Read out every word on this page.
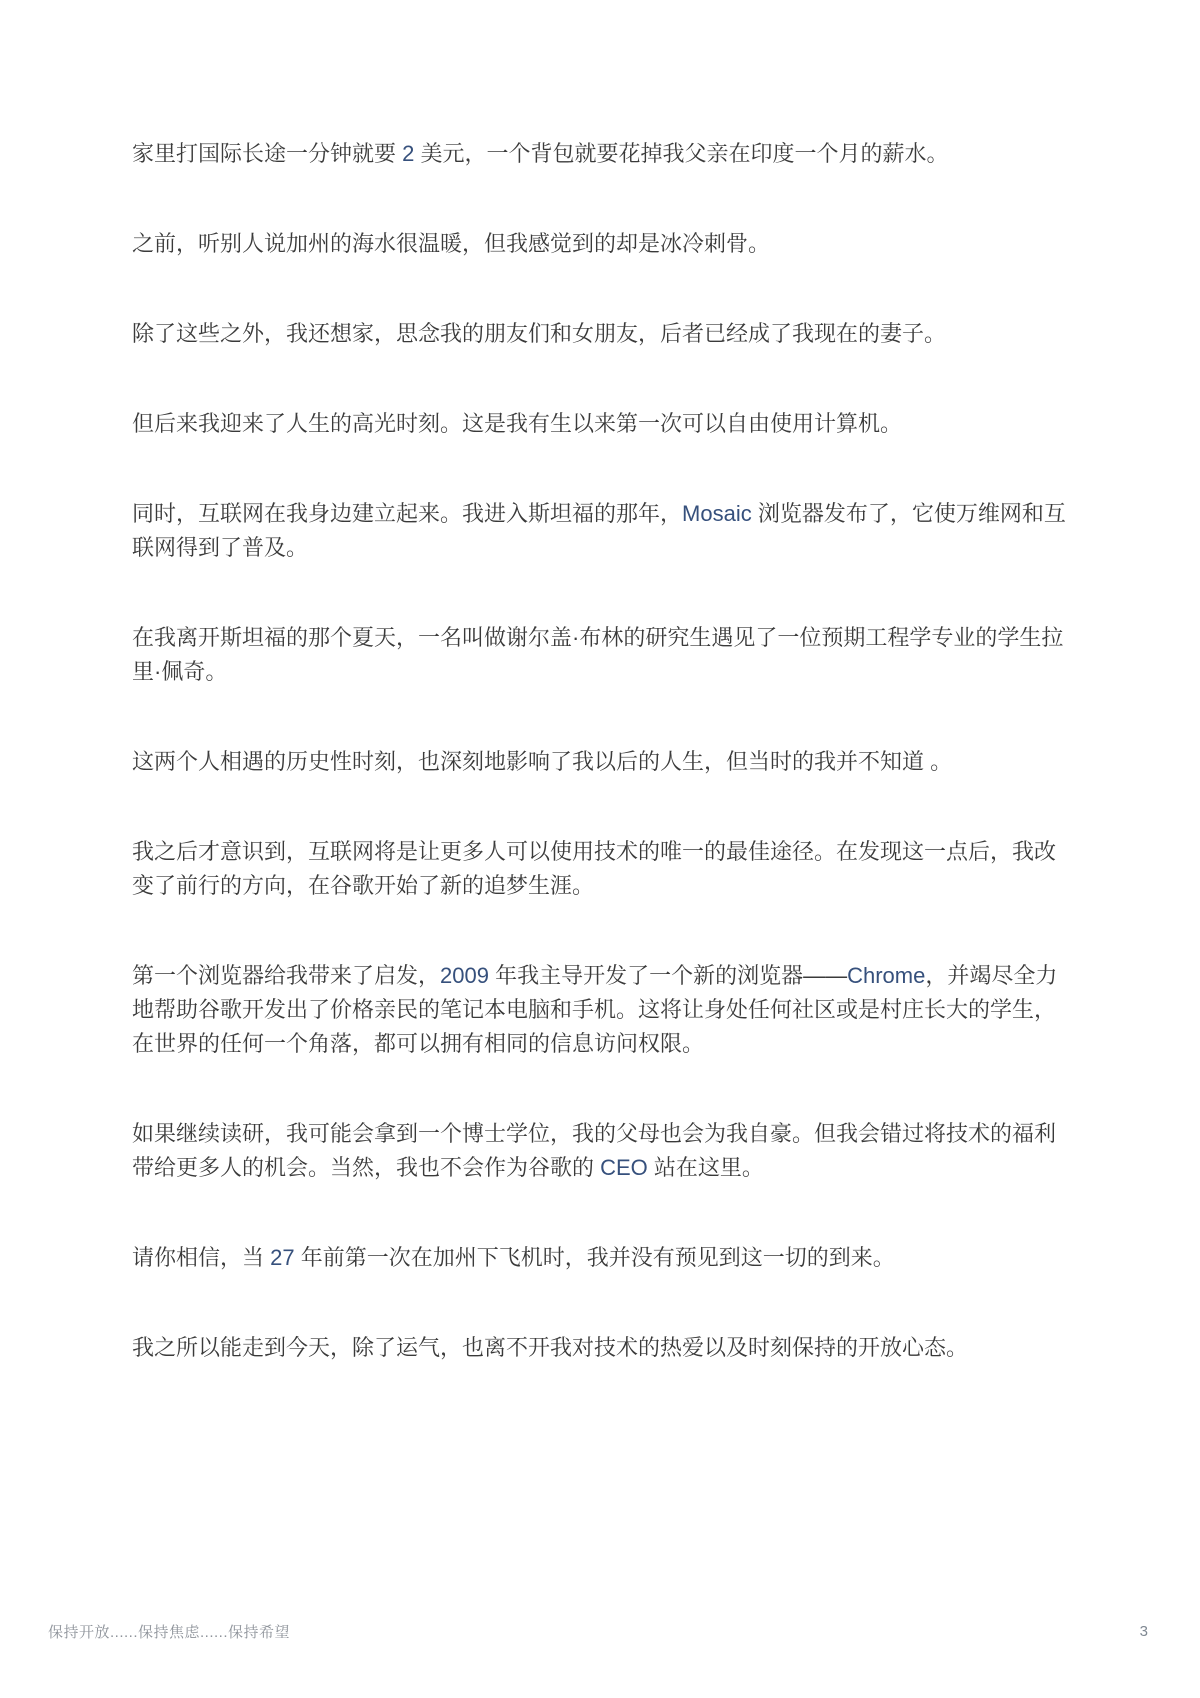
家里打国际长途一分钟就要 2 美元，一个背包就要花掉我父亲在印度一个月的薪水。

之前，听别人说加州的海水很温暖，但我感觉到的却是冰冷刺骨。

除了这些之外，我还想家，思念我的朋友们和女朋友，后者已经成了我现在的妻子。

但后来我迎来了人生的高光时刻。这是我有生以来第一次可以自由使用计算机。

同时，互联网在我身边建立起来。我进入斯坦福的那年，Mosaic 浏览器发布了，它使万维网和互联网得到了普及。

在我离开斯坦福的那个夏天，一名叫做谢尔盖·布林的研究生遇见了一位预期工程学专业的学生拉里·佩奇。

这两个人相遇的历史性时刻，也深刻地影响了我以后的人生，但当时的我并不知道 。

我之后才意识到，互联网将是让更多人可以使用技术的唯一的最佳途径。在发现这一点后，我改变了前行的方向，在谷歌开始了新的追梦生涯。

第一个浏览器给我带来了启发，2009 年我主导开发了一个新的浏览器——Chrome，并竭尽全力地帮助谷歌开发出了价格亲民的笔记本电脑和手机。这将让身处任何社区或是村庄长大的学生，在世界的任何一个角落，都可以拥有相同的信息访问权限。

如果继续读研，我可能会拿到一个博士学位，我的父母也会为我自豪。但我会错过将技术的福利带给更多人的机会。当然，我也不会作为谷歌的 CEO 站在这里。

请你相信，当 27 年前第一次在加州下飞机时，我并没有预见到这一切的到来。

我之所以能走到今天，除了运气，也离不开我对技术的热爱以及时刻保持的开放心态。

保持开放......保持焦虑......保持希望	3
